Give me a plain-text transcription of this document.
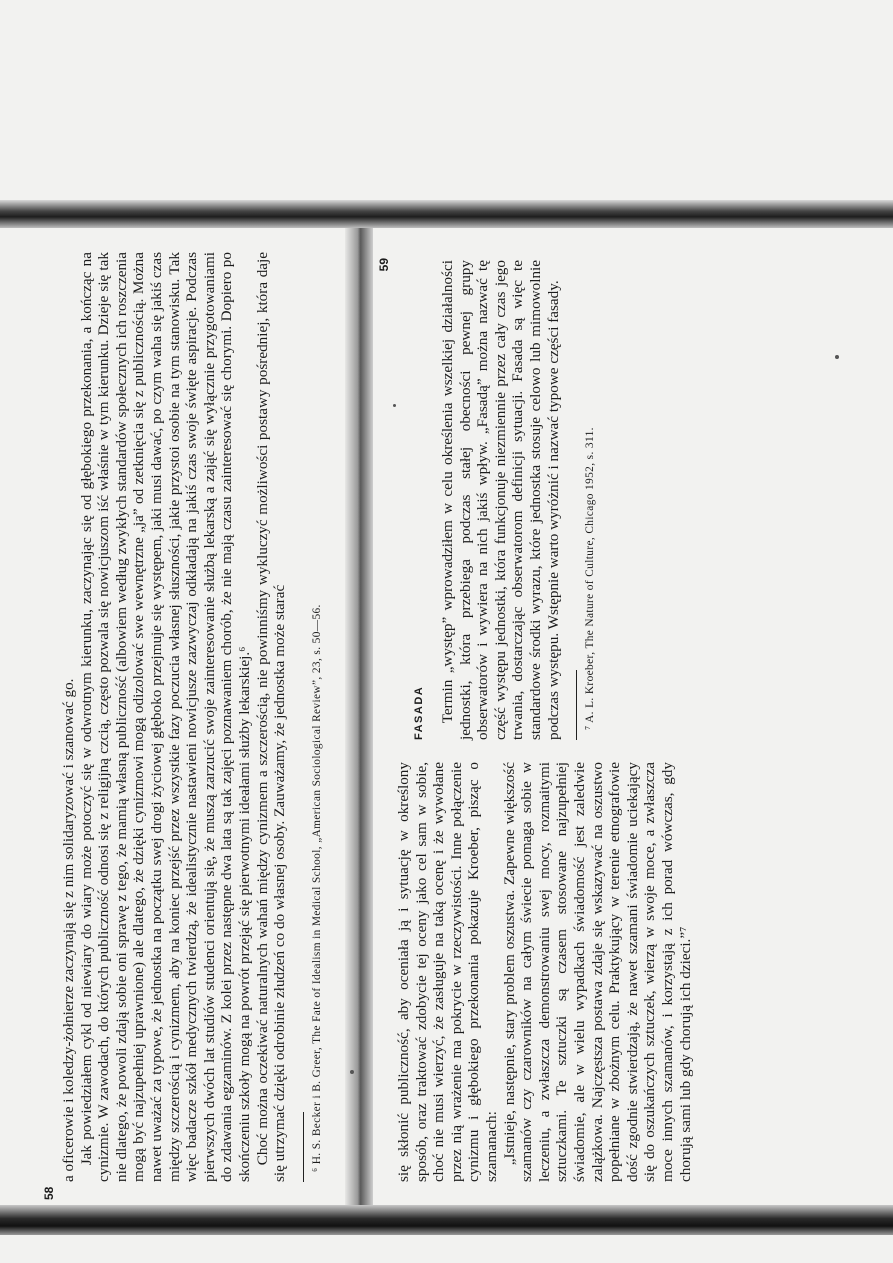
58

a oficerowie i koledzy-żołnierze zaczynają się z nim solidaryzować i szanować go. Jak powiedziałem cykl od niewiary do wiary może potoczyć się w odwrotnym kierunku, zaczynając się od głębokiego przekonania, a kończąc na cynizmie. W zawodach, do których publiczność odnosi się z religijną czcią, często pozwala się nowicjuszom iść właśnie w tym kierunku. Dzieje się tak nie dlatego, że powoli zdają sobie oni sprawę z tego, że mamią własną publiczność (albowiem według zwykłych standardów społecznych ich roszczenia mogą być najzupełniej uprawnione) ale dlatego, że dzięki cynizmowi mogą odizolować swe wewnętrzne „ja” od zetknięcia się z publicznością. Można nawet uważać za typowe, że jednostka na początku swej drogi życiowej głęboko przejmuje się występem, jaki musi dawać, po czym waha się jakiś czas między szczerością i cynizmem, aby na koniec przejść przez wszystkie fazy poczucia własnej słuszności, jakie przystoi osobie na tym stanowisku. Tak więc badacze szkół medycznych twierdzą, że idealistycznie nastawieni nowicjusze zazwyczaj odkładają na jakiś czas swoje święte aspiracje. Podczas pierwszych dwóch lat studiów studenci orientują się, że muszą zarzucić swoje zainteresowanie służbą lekarską a zająć się wyłącznie przygotowaniami do zdawania egzaminów. Z kolei przez następne dwa lata są tak zajęci poznawaniem chorób, że nie mają czasu zainteresować się chorymi. Dopiero po skończeniu szkoły mogą na powrót przejąć się pierwotnymi ideałami służby lekarskiej.⁶ Choć można oczekiwać naturalnych wahań między cynizmem a szczerością, nie powinniśmy wykluczyć możliwości postawy pośredniej, która daje się utrzymać dzięki odrobinie złudzeń co do własnej osoby. Zauważamy, że jednostka może starać ⁶ H. S. Becker i B. Greer, The Fate of Idealism in Medical School, „American Sociological Review”, 23, s. 50—56.

59

się skłonić publiczność, aby oceniała ją i sytuację w określony sposób, oraz traktować zdobycie tej oceny jako cel sam w sobie, choć nie musi wierzyć, że zasługuje na taką ocenę i że wywołane przez nią wrażenie ma pokrycie w rzeczywistości. Inne połączenie cynizmu i głębokiego przekonania pokazuje Kroeber, pisząc o szamanach: „Istnieje, następnie, stary problem oszustwa. Zapewne większość szamanów czy czarowników na całym świecie pomaga sobie w leczeniu, a zwłaszcza demonstrowaniu swej mocy, rozmaitymi sztuczkami. Te sztuczki są czasem stosowane najzupełniej świadomie, ale w wielu wypadkach świadomość jest zaledwie zalążkowa. Najczęstsza postawa zdaje się wskazywać na oszustwo popełniane w zbożnym celu. Praktykujący w terenie etnografowie dość zgodnie stwierdzają, że nawet szamani świadomie uciekający się do oszukańczych sztuczek, wierzą w swoje moce, a zwłaszcza moce innych szamanów, i korzystają z ich porad wówczas, gdy chorują sami lub gdy chorują ich dzieci.”⁷

FASADA Termin „występ” wprowadziłem w celu określenia wszelkiej działalności jednostki, która przebiega podczas stałej obecności pewnej grupy obserwatorów i wywiera na nich jakiś wpływ. „Fasadą” można nazwać tę część występu jednostki, która funkcjonuje niezmiennie przez cały czas jego trwania, dostarczając obserwatorom definicji sytuacji. Fasada są więc te standardowe środki wyrazu, które jednostka stosuje celowo lub mimowolnie podczas występu. Wstępnie warto wyróżnić i nazwać typowe części fasady. ⁷ A. L. Kroeber, The Nature of Culture, Chicago 1952, s. 311.
